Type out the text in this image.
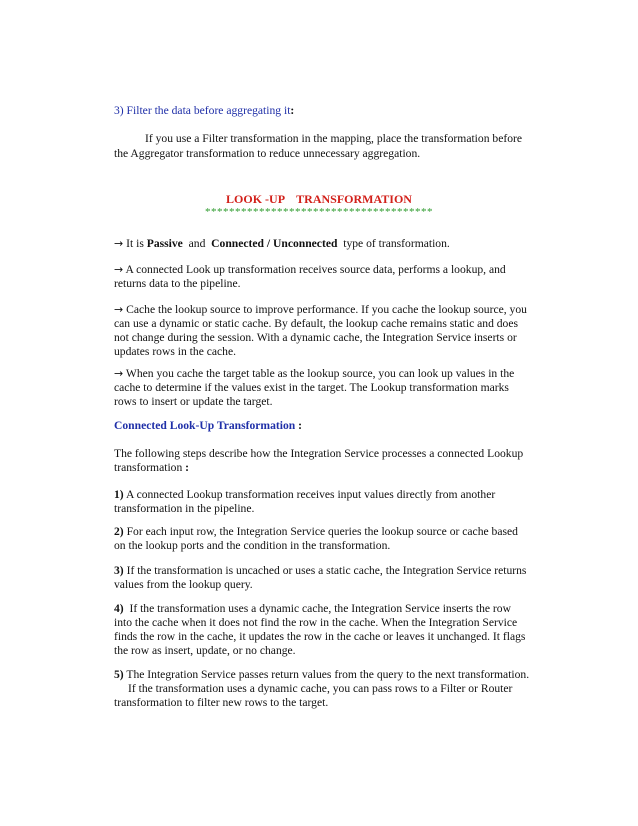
3) Filter the data before aggregating it:
If you use a Filter transformation in the mapping, place the transformation before
the Aggregator transformation to reduce unnecessary aggregation.
LOOK -UP    TRANSFORMATION
**************************************
→ It is Passive and Connected / Unconnected type of transformation.
→ A connected Look up transformation receives source data, performs a lookup, and
returns data to the pipeline.
→ Cache the lookup source to improve performance. If you cache the lookup source, you
can use a dynamic or static cache. By default, the lookup cache remains static and does
not change during the session. With a dynamic cache, the Integration Service inserts or
updates rows in the cache.
→ When you cache the target table as the lookup source, you can look up values in the
cache to determine if the values exist in the target. The Lookup transformation marks
rows to insert or update the target.
Connected Look-Up Transformation :
The following steps describe how the Integration Service processes a connected Lookup
transformation :
1) A connected Lookup transformation receives input values directly from another
transformation in the pipeline.
2) For each input row, the Integration Service queries the lookup source or cache based
on the lookup ports and the condition in the transformation.
3) If the transformation is uncached or uses a static cache, the Integration Service returns
values from the lookup query.
4) If the transformation uses a dynamic cache, the Integration Service inserts the row
into the cache when it does not find the row in the cache. When the Integration Service
finds the row in the cache, it updates the row in the cache or leaves it unchanged. It flags
the row as insert, update, or no change.
5) The Integration Service passes return values from the query to the next transformation.
If the transformation uses a dynamic cache, you can pass rows to a Filter or Router
transformation to filter new rows to the target.
